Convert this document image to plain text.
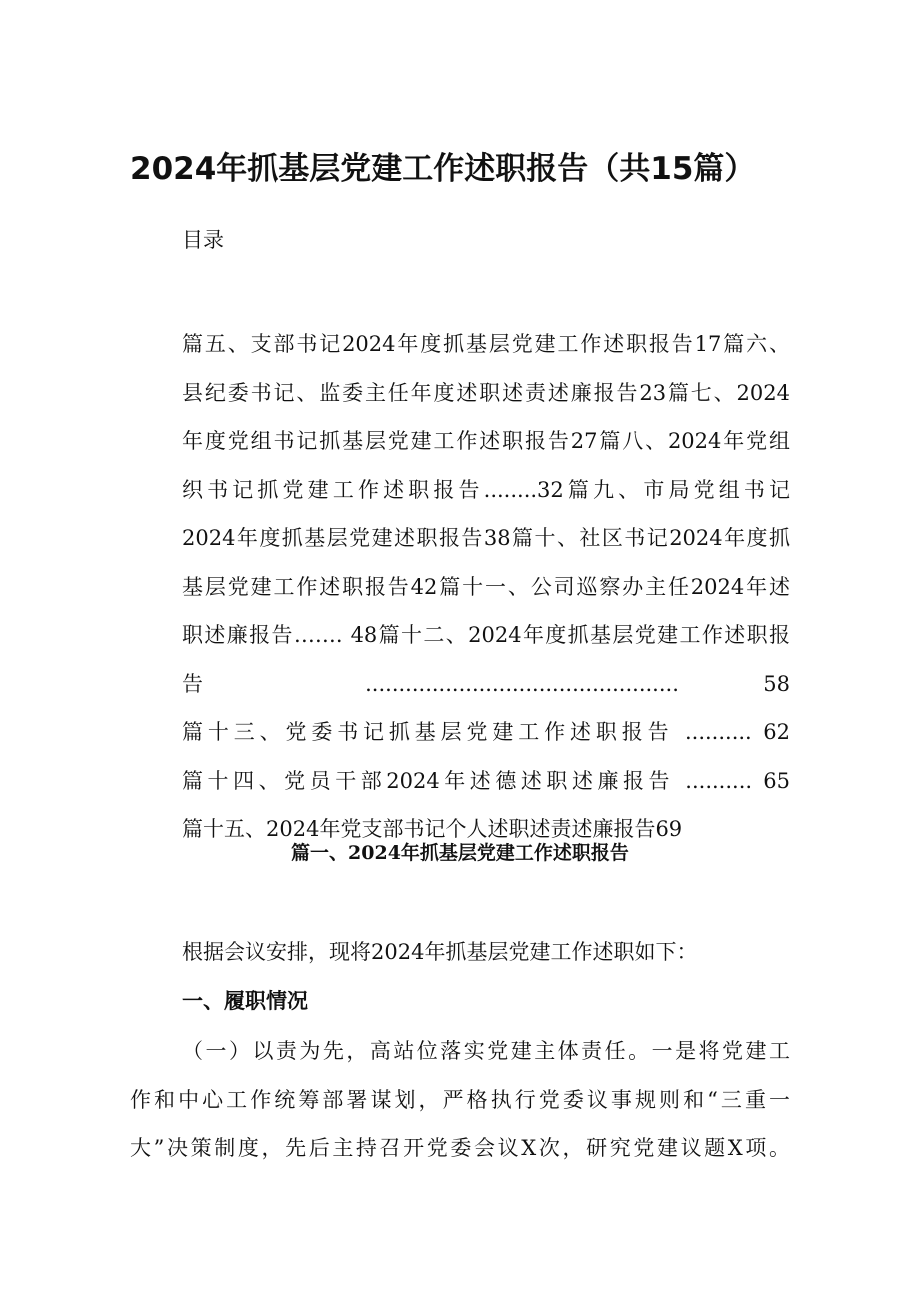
2024年抓基层党建工作述职报告（共15篇）
目录
篇五、支部书记2024年度抓基层党建工作述职报告17篇六、
县纪委书记、监委主任年度述职述责述廉报告23篇七、2024
年度党组书记抓基层党建工作述职报告27篇八、2024年党组
织书记抓党建工作述职报告........32篇九、市局党组书记
2024年度抓基层党建述职报告38篇十、社区书记2024年度抓
基层党建工作述职报告42篇十一、公司巡察办主任2024年述
职述廉报告……. 48篇十二、2024年度抓基层党建工作述职报
告 ............................................... 58
篇十三、党委书记抓基层党建工作述职报告 .......... 62
篇十四、党员干部2024年述德述职述廉报告 .......... 65
篇十五、2024年党支部书记个人述职述责述廉报告69
篇一、2024年抓基层党建工作述职报告
根据会议安排，现将2024年抓基层党建工作述职如下：
一、履职情况
（一）以责为先，高站位落实党建主体责任。一是将党建工
作和中心工作统筹部署谋划，严格执行党委议事规则和“三重一
大”决策制度，先后主持召开党委会议X次，研究党建议题X项。
